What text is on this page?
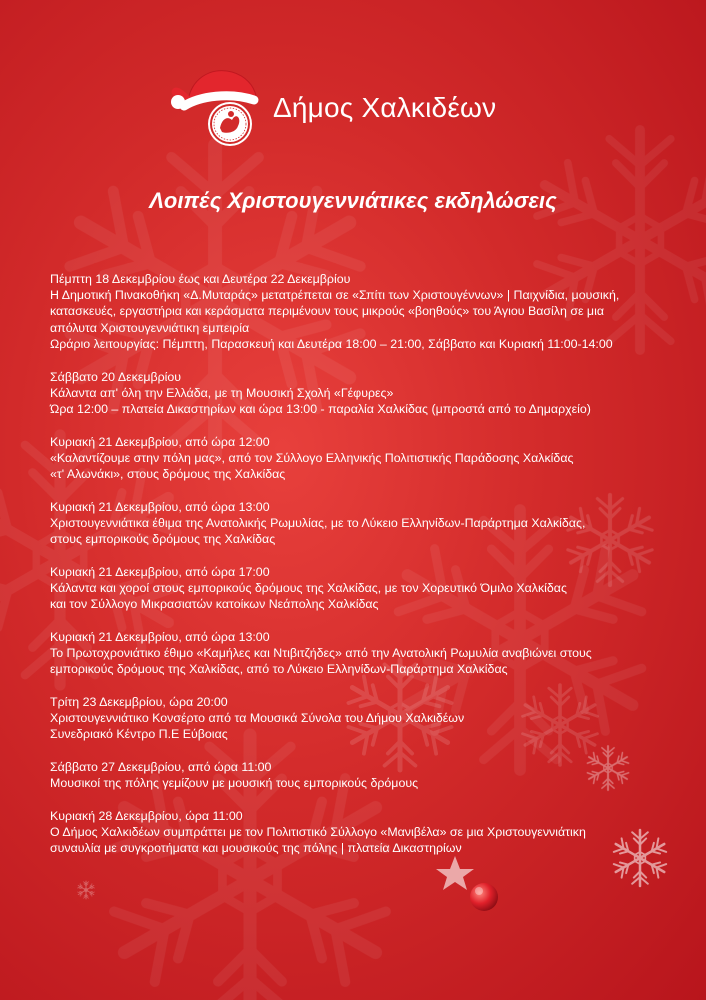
Δήμος Χαλκιδέων
Λοιπές Χριστουγεννιάτικες εκδηλώσεις

Πέμπτη 18 Δεκεμβρίου έως και Δευτέρα 22 Δεκεμβρίου

Η Δημοτική Πινακοθήκη «Δ.Μυταράς» μετατρέπεται σε «Σπίτι των Χριστουγέννων» | Παιχνίδια, μουσική,

κατασκευές, εργαστήρια και κεράσματα περιμένουν τους μικρούς «βοηθούς» του Άγιου Βασίλη σε μια

απόλυτα Χριστουγεννιάτικη εμπειρία

Ωράριο λειτουργίας: Πέμπτη, Παρασκευή και Δευτέρα 18:00 – 21:00, Σάββατο και Κυριακή 11:00-14:00

Σάββατο 20 Δεκεμβρίου

Κάλαντα απ' όλη την Ελλάδα, με τη Μουσική Σχολή «Γέφυρες»

Ώρα 12:00 – πλατεία Δικαστηρίων και ώρα 13:00 - παραλία Χαλκίδας (μπροστά από το Δημαρχείο)

Κυριακή 21 Δεκεμβρίου, από ώρα 12:00

«Καλαντίζουμε στην πόλη μας», από τον Σύλλογο Ελληνικής Πολιτιστικής Παράδοσης Χαλκίδας

«τ' Αλωνάκι», στους δρόμους της Χαλκίδας

Κυριακή 21 Δεκεμβρίου, από ώρα 13:00

Χριστουγεννιάτικα έθιμα της Ανατολικής Ρωμυλίας, με το Λύκειο Ελληνίδων-Παράρτημα Χαλκίδας,

στους εμπορικούς δρόμους της Χαλκίδας

Κυριακή 21 Δεκεμβρίου, από ώρα 17:00

Κάλαντα και χοροί στους εμπορικούς δρόμους της Χαλκίδας, με τον Χορευτικό Όμιλο Χαλκίδας

και τον Σύλλογο Μικρασιατών κατοίκων Νεάπολης Χαλκίδας

Κυριακή 21 Δεκεμβρίου, από ώρα 13:00

Το Πρωτοχρονιάτικο έθιμο «Καμήλες και Ντιβιτζήδες» από την Ανατολική Ρωμυλία αναβιώνει στους

εμπορικούς δρόμους της Χαλκίδας, από το Λύκειο Ελληνίδων-Παράρτημα Χαλκίδας

Τρίτη 23 Δεκεμβρίου, ώρα 20:00

Χριστουγεννιάτικο Κονσέρτο από τα Μουσικά Σύνολα του Δήμου Χαλκιδέων

Συνεδριακό Κέντρο Π.Ε Εύβοιας

Σάββατο 27 Δεκεμβρίου, από ώρα 11:00

Μουσικοί της πόλης γεμίζουν με μουσική τους εμπορικούς δρόμους

Κυριακή 28 Δεκεμβρίου, ώρα 11:00

Ο Δήμος Χαλκιδέων συμπράττει με τον Πολιτιστικό Σύλλογο «Μανιβέλα» σε μια Χριστουγεννιάτικη

συναυλία με συγκροτήματα και μουσικούς της πόλης | πλατεία Δικαστηρίων
